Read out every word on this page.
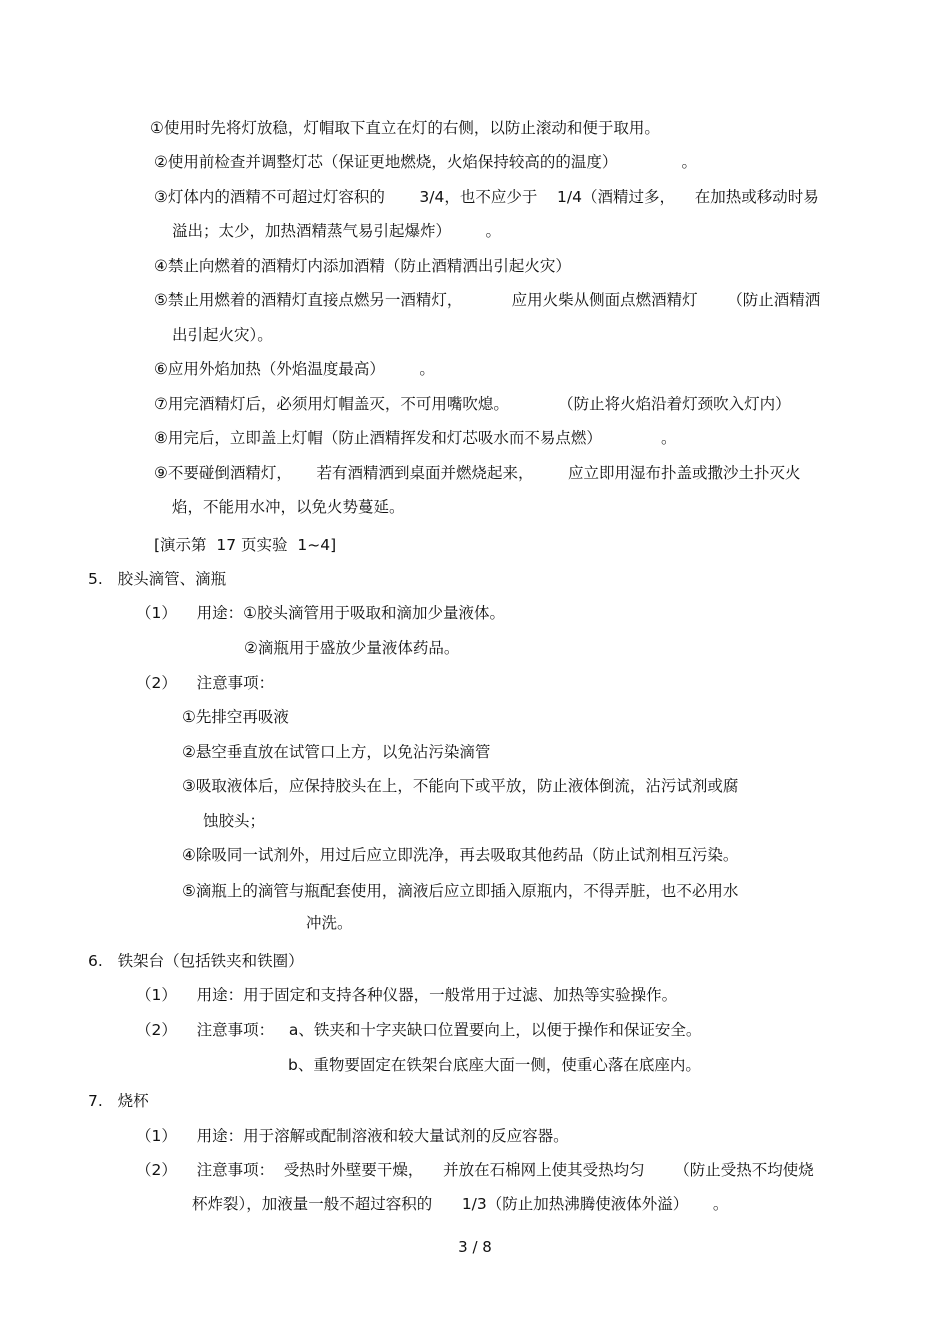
①使用时先将灯放稳，灯帽取下直立在灯的右侧，以防止滚动和便于取用。
②使用前检查并调整灯芯（保证更地燃烧，火焰保持较高的的温度）             。
③灯体内的酒精不可超过灯容积的       3/4，也不应少于    1/4（酒精过多，    在加热或移动时易
溢出；太少，加热酒精蒸气易引起爆炸）       。
④禁止向燃着的酒精灯内添加酒精（防止酒精洒出引起火灾）
⑤禁止用燃着的酒精灯直接点燃另一酒精灯，          应用火柴从侧面点燃酒精灯      （防止酒精洒
出引起火灾）。
⑥应用外焰加热（外焰温度最高）       。
⑦用完酒精灯后，必须用灯帽盖灭，不可用嘴吹熄。          （防止将火焰沿着灯颈吹入灯内）
⑧用完后，立即盖上灯帽（防止酒精挥发和灯芯吸水而不易点燃）            。
⑨不要碰倒酒精灯，     若有酒精洒到桌面并燃烧起来，       应立即用湿布扑盖或撒沙土扑灭火
焰，不能用水冲，以免火势蔓延。
[演示第  17 页实验  1~4]
5.   胶头滴管、滴瓶
（1）    用途：①胶头滴管用于吸取和滴加少量液体。
②滴瓶用于盛放少量液体药品。
（2）    注意事项：
①先排空再吸液
②悬空垂直放在试管口上方，以免沾污染滴管
③吸取液体后，应保持胶头在上，不能向下或平放，防止液体倒流，沾污试剂或腐
蚀胶头；
④除吸同一试剂外，用过后应立即洗净，再去吸取其他药品（防止试剂相互污染。
⑤滴瓶上的滴管与瓶配套使用，滴液后应立即插入原瓶内，不得弄脏，也不必用水
冲洗。
6.   铁架台（包括铁夹和铁圈）
（1）    用途：用于固定和支持各种仪器，一般常用于过滤、加热等实验操作。
（2）    注意事项：   a、铁夹和十字夹缺口位置要向上，以便于操作和保证安全。
b、重物要固定在铁架台底座大面一侧，使重心落在底座内。
7.   烧杯
（1）    用途：用于溶解或配制溶液和较大量试剂的反应容器。
（2）    注意事项：  受热时外壁要干燥，    并放在石棉网上使其受热均匀      （防止受热不均使烧
杯炸裂），加液量一般不超过容积的      1/3（防止加热沸腾使液体外溢）     。
3 / 8
